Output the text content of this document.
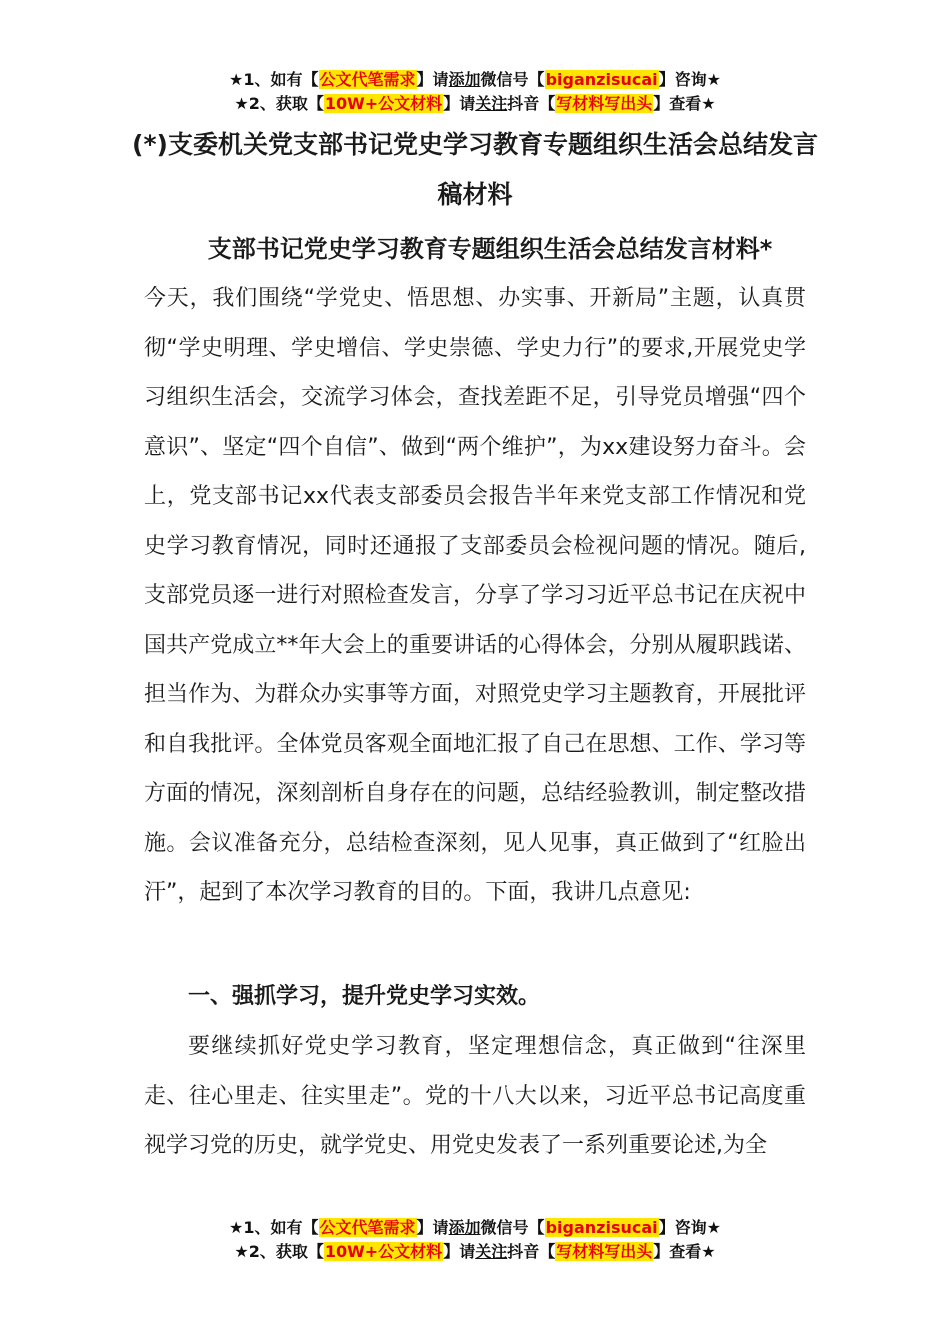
★1、如有【公文代笔需求】请添加微信号【biganzisucai】咨询★
★2、获取【10W+公文材料】请关注抖音【写材料写出头】查看★
(*)支委机关党支部书记党史学习教育专题组织生活会总结发言稿材料
支部书记党史学习教育专题组织生活会总结发言材料*
今天，我们围绕“学党史、悟思想、办实事、开新局”主题，认真贯彻“学史明理、学史增信、学史崇德、学史力行”的要求,开展党史学习组织生活会，交流学习体会，查找差距不足，引导党员增强“四个意识”、坚定“四个自信”、做到“两个维护”，为xx建设努力奋斗。会上，党支部书记xx代表支部委员会报告半年来党支部工作情况和党史学习教育情况，同时还通报了支部委员会检视问题的情况。随后,支部党员逐一进行对照检查发言，分享了学习习近平总书记在庆祝中国共产党成立**年大会上的重要讲话的心得体会，分别从履职践诺、担当作为、为群众办实事等方面，对照党史学习主题教育，开展批评和自我批评。全体党员客观全面地汇报了自己在思想、工作、学习等方面的情况，深刻剖析自身存在的问题，总结经验教训，制定整改措施。会议准备充分，总结检查深刻，见人见事，真正做到了“红脸出汗”，起到了本次学习教育的目的。下面，我讲几点意见:
一、强抓学习，提升党史学习实效。
要继续抓好党史学习教育，坚定理想信念，真正做到“往深里走、往心里走、往实里走”。党的十八大以来，习近平总书记高度重视学习党的历史，就学党史、用党史发表了一系列重要论述,为全
★1、如有【公文代笔需求】请添加微信号【biganzisucai】咨询★
★2、获取【10W+公文材料】请关注抖音【写材料写出头】查看★
